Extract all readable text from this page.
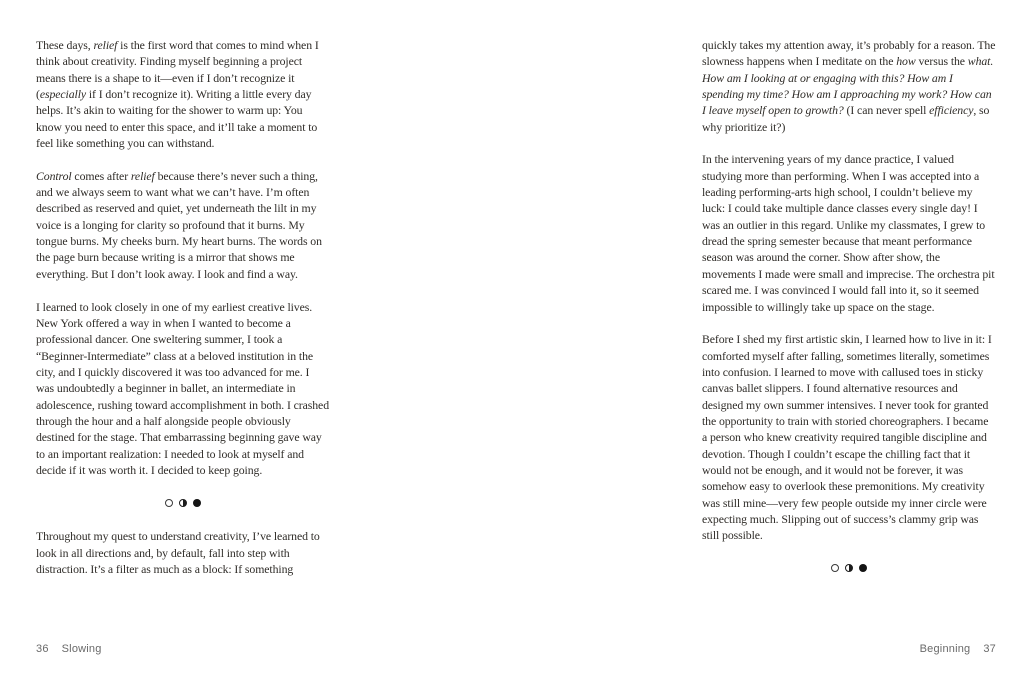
These days, relief is the first word that comes to mind when I think about creativity. Finding myself beginning a project means there is a shape to it—even if I don’t recognize it (especially if I don’t recognize it). Writing a little every day helps. It’s akin to waiting for the shower to warm up: You know you need to enter this space, and it’ll take a moment to feel like something you can withstand.

Control comes after relief because there’s never such a thing, and we always seem to want what we can’t have. I’m often described as reserved and quiet, yet underneath the lilt in my voice is a longing for clarity so profound that it burns. My tongue burns. My cheeks burn. My heart burns. The words on the page burn because writing is a mirror that shows me everything. But I don’t look away. I look and find a way.

I learned to look closely in one of my earliest creative lives. New York offered a way in when I wanted to become a professional dancer. One sweltering summer, I took a “Beginner-Intermediate” class at a beloved institution in the city, and I quickly discovered it was too advanced for me. I was undoubtedly a beginner in ballet, an intermediate in adolescence, rushing toward accomplishment in both. I crashed through the hour and a half alongside people obviously destined for the stage. That embarrassing beginning gave way to an important realization: I needed to look at myself and decide if it was worth it. I decided to keep going.

Throughout my quest to understand creativity, I’ve learned to look in all directions and, by default, fall into step with distraction. It’s a filter as much as a block: If something

quickly takes my attention away, it’s probably for a reason. The slowness happens when I meditate on the how versus the what. How am I looking at or engaging with this? How am I spending my time? How am I approaching my work? How can I leave myself open to growth? (I can never spell efficiency, so why prioritize it?)

In the intervening years of my dance practice, I valued studying more than performing. When I was accepted into a leading performing-arts high school, I couldn’t believe my luck: I could take multiple dance classes every single day! I was an outlier in this regard. Unlike my classmates, I grew to dread the spring semester because that meant performance season was around the corner. Show after show, the movements I made were small and imprecise. The orchestra pit scared me. I was convinced I would fall into it, so it seemed impossible to willingly take up space on the stage.

Before I shed my first artistic skin, I learned how to live in it: I comforted myself after falling, sometimes literally, sometimes into confusion. I learned to move with callused toes in sticky canvas ballet slippers. I found alternative resources and designed my own summer intensives. I never took for granted the opportunity to train with storied choreographers. I became a person who knew creativity required tangible discipline and devotion. Though I couldn’t escape the chilling fact that it would not be enough, and it would not be forever, it was somehow easy to overlook these premonitions. My creativity was still mine—very few people outside my inner circle were expecting much. Slipping out of success’s clammy grip was still possible.

36 Slowing	Beginning 37
